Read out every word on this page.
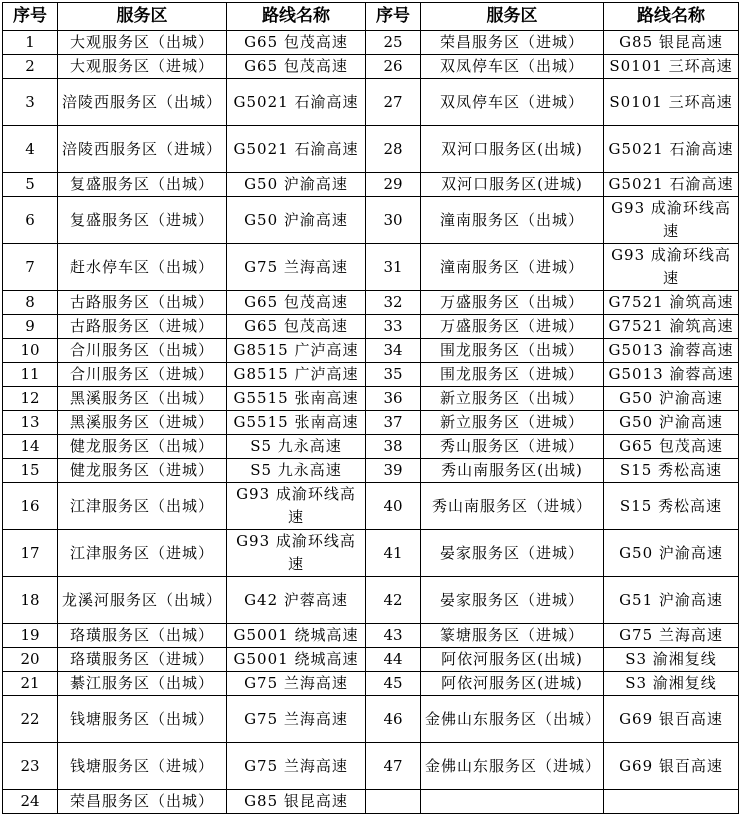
序号	服务区	路线名称	序号	服务区	路线名称
1	大观服务区（出城）	G65 包茂高速	25	荣昌服务区（进城）	G85 银昆高速
2	大观服务区（进城）	G65 包茂高速	26	双凤停车区（出城）	S0101 三环高速
3	涪陵西服务区（出城）	G5021 石渝高速	27	双凤停车区（进城）	S0101 三环高速
4	涪陵西服务区（进城）	G5021 石渝高速	28	双河口服务区(出城)	G5021 石渝高速
5	复盛服务区（出城）	G50 沪渝高速	29	双河口服务区(进城)	G5021 石渝高速
6	复盛服务区（进城）	G50 沪渝高速	30	潼南服务区（出城）	G93 成渝环线高速
7	赶水停车区（出城）	G75 兰海高速	31	潼南服务区（进城）	G93 成渝环线高速
8	古路服务区（出城）	G65 包茂高速	32	万盛服务区（出城）	G7521 渝筑高速
9	古路服务区（进城）	G65 包茂高速	33	万盛服务区（进城）	G7521 渝筑高速
10	合川服务区（出城）	G8515 广泸高速	34	围龙服务区（出城）	G5013 渝蓉高速
11	合川服务区（进城）	G8515 广泸高速	35	围龙服务区（进城）	G5013 渝蓉高速
12	黑溪服务区（出城）	G5515 张南高速	36	新立服务区（出城）	G50 沪渝高速
13	黑溪服务区（进城）	G5515 张南高速	37	新立服务区（进城）	G50 沪渝高速
14	健龙服务区（出城）	S5 九永高速	38	秀山服务区（进城）	G65 包茂高速
15	健龙服务区（进城）	S5 九永高速	39	秀山南服务区(出城)	S15 秀松高速
16	江津服务区（出城）	G93 成渝环线高速	40	秀山南服务区（进城）	S15 秀松高速
17	江津服务区（进城）	G93 成渝环线高速	41	晏家服务区（进城）	G50 沪渝高速
18	龙溪河服务区（出城）	G42 沪蓉高速	42	晏家服务区（进城）	G51 沪渝高速
19	珞璜服务区（出城）	G5001 绕城高速	43	篆塘服务区（进城）	G75 兰海高速
20	珞璜服务区（进城）	G5001 绕城高速	44	阿依河服务区(出城)	S3 渝湘复线
21	綦江服务区（出城）	G75 兰海高速	45	阿依河服务区(进城)	S3 渝湘复线
22	钱塘服务区（出城）	G75 兰海高速	46	金佛山东服务区（出城）	G69 银百高速
23	钱塘服务区（进城）	G75 兰海高速	47	金佛山东服务区（进城）	G69 银百高速
24	荣昌服务区（出城）	G85 银昆高速			
